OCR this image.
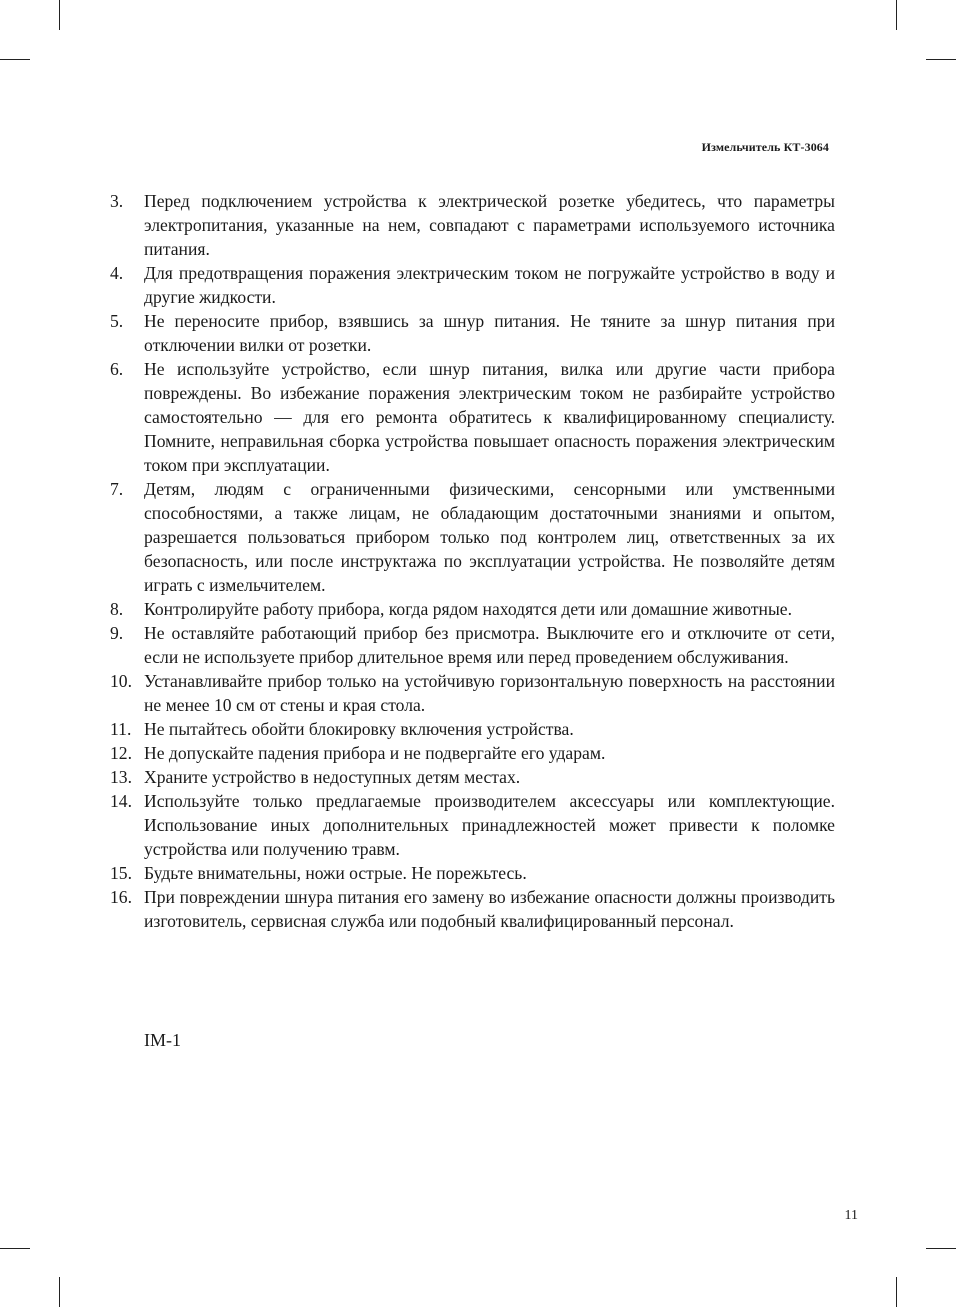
Измельчитель КТ-3064
3.	Перед подключением устройства к электрической розетке убедитесь, что параметры электропитания, указанные на нем, совпадают с параметрами используемого источника питания.
4.	Для предотвращения поражения электрическим током не погружайте устройство в воду и другие жидкости.
5.	Не переносите прибор, взявшись за шнур питания. Не тяните за шнур питания при отключении вилки от розетки.
6.	Не используйте устройство, если шнур питания, вилка или другие части прибора повреждены. Во избежание поражения электрическим током не разбирайте устройство самостоятельно — для его ремонта обратитесь к квалифицированному специалисту. Помните, неправильная сборка устройства повышает опасность поражения электрическим током при эксплуатации.
7.	Детям, людям с ограниченными физическими, сенсорными или умственными способностями, а также лицам, не обладающим достаточными знаниями и опытом, разрешается пользоваться прибором только под контролем лиц, ответственных за их безопасность, или после инструктажа по эксплуатации устройства. Не позволяйте детям играть с измельчителем.
8.	Контролируйте работу прибора, когда рядом находятся дети или домашние животные.
9.	Не оставляйте работающий прибор без присмотра. Выключите его и отключите от сети, если не используете прибор длительное время или перед проведением обслуживания.
10. Устанавливайте прибор только на устойчивую горизонтальную поверхность на расстоянии не менее 10 см от стены и края стола.
11. Не пытайтесь обойти блокировку включения устройства.
12. Не допускайте падения прибора и не подвергайте его ударам.
13. Храните устройство в недоступных детям местах.
14. Используйте только предлагаемые производителем аксессуары или комплектующие. Использование иных дополнительных принадлежностей может привести к поломке устройства или получению травм.
15. Будьте внимательны, ножи острые. Не порежьтесь.
16. При повреждении шнура питания его замену во избежание опасности должны производить изготовитель, сервисная служба или подобный квалифицированный персонал.
IM-1
11
